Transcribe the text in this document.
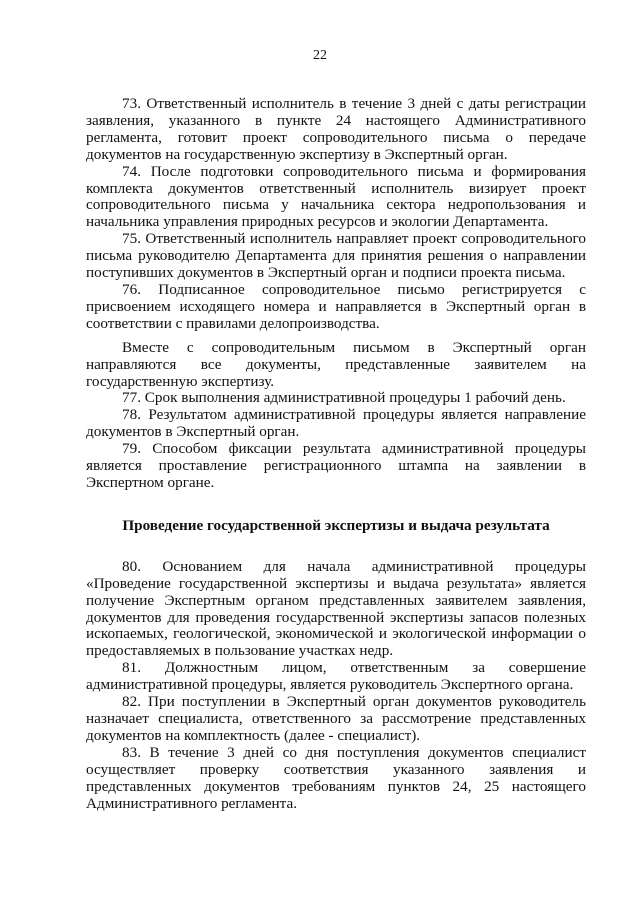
22

73. Ответственный исполнитель в течение 3 дней с даты регистрации заявления, указанного в пункте 24 настоящего Административного регламента, готовит проект сопроводительного письма о передаче документов на государственную экспертизу в Экспертный орган.

74. После подготовки сопроводительного письма и формирования комплекта документов ответственный исполнитель визирует проект сопроводительного письма у начальника сектора недропользования и начальника управления природных ресурсов и экологии Департамента.

75. Ответственный исполнитель направляет проект сопроводительного письма руководителю Департамента для принятия решения о направлении поступивших документов в Экспертный орган и подписи проекта письма.

76. Подписанное сопроводительное письмо регистрируется с присвоением исходящего номера и направляется в Экспертный орган в соответствии с правилами делопроизводства.

Вместе с сопроводительным письмом в Экспертный орган направляются все документы, представленные заявителем на государственную экспертизу.

77. Срок выполнения административной процедуры 1 рабочий день.

78. Результатом административной процедуры является направление документов в Экспертный орган.

79. Способом фиксации результата административной процедуры является проставление регистрационного штампа на заявлении в Экспертном органе.

Проведение государственной экспертизы и выдача результата

80. Основанием для начала административной процедуры «Проведение государственной экспертизы и выдача результата» является получение Экспертным органом представленных заявителем заявления, документов для проведения государственной экспертизы запасов полезных ископаемых, геологической, экономической и экологической информации о предоставляемых в пользование участках недр.

81. Должностным лицом, ответственным за совершение административной процедуры, является руководитель Экспертного органа.

82. При поступлении в Экспертный орган документов руководитель назначает специалиста, ответственного за рассмотрение представленных документов на комплектность (далее - специалист).

83. В течение 3 дней со дня поступления документов специалист осуществляет проверку соответствия указанного заявления и представленных документов требованиям пунктов 24, 25 настоящего Административного регламента.
